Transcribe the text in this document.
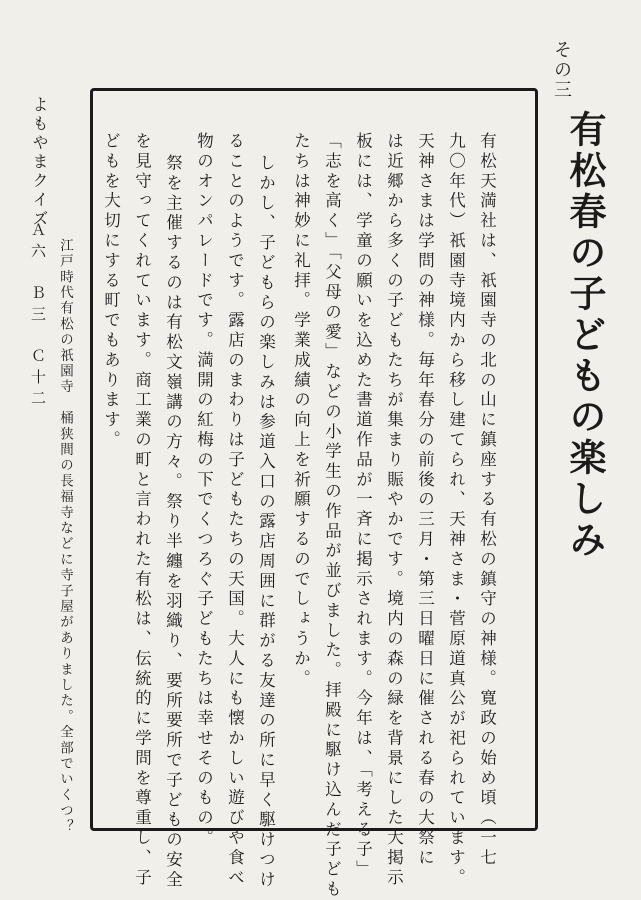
その三
有松春の子どもの楽しみ
有松天満社は、祇園寺の北の山に鎮座する有松の鎮守の神様。寛政の始め頃（一七
九〇年代）祇園寺境内から移し建てられ、天神さま・菅原道真公が祀られています。
天神さまは学問の神様。毎年春分の前後の三月・第三日曜日に催される春の大祭に
は近郷から多くの子どもたちが集まり賑やかです。境内の森の緑を背景にした大掲示
板には、学童の願いを込めた書道作品が一斉に掲示されます。今年は、「考える子」
「志を高く」「父母の愛」などの小学生の作品が並びました。拝殿に駆け込んだ子ども
たちは神妙に礼拝。学業成績の向上を祈願するのでしょうか。
しかし、子どもらの楽しみは参道入口の露店周囲に群がる友達の所に早く駆けつけ
ることのようです。露店のまわりは子どもたちの天国。大人にも懐かしい遊びや食べ
物のオンパレードです。満開の紅梅の下でくつろぐ子どもたちは幸せそのもの。
祭を主催するのは有松文嶺講の方々。祭り半纏を羽織り、要所要所で子どもの安全
を見守ってくれています。商工業の町と言われた有松は、伝統的に学問を尊重し、子
どもを大切にする町でもあります。
よもやまクイズ
江戸時代有松の祇園寺　桶狭間の長福寺などに寺子屋がありました。全部でいくつ？
Ａ六　Ｂ三　Ｃ十二
